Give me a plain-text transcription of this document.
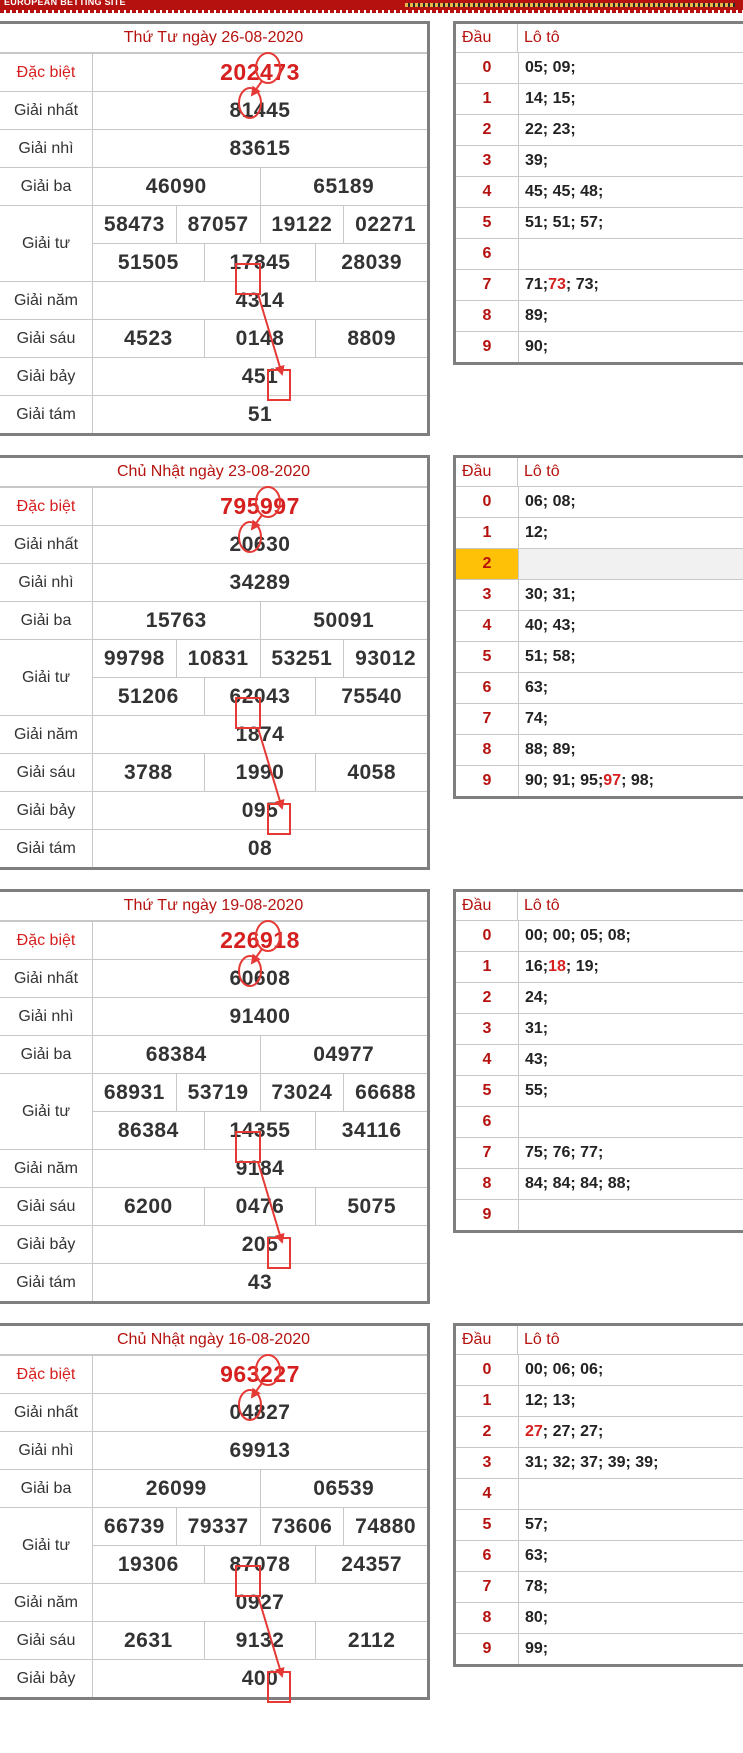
EUROPEAN BETTING SITE
Thứ Tư ngày 26-08-2020
Đặc biệt	202473
Giải nhất	81445
Giải nhì	83615
Giải ba	46090	65189
Giải tư
58473	87057	19122	02271
51505	17845	28039
Giải năm	4314
Giải sáu	4523	0148	8809
Giải bảy	451
Giải tám	51
Đầu	Lô tô
0	05; 09;
1	14; 15;
2	22; 23;
3	39;
4	45; 45; 48;
5	51; 51; 57;
6
7	71; 73 ; 73;
8	89;
9	90;
Chủ Nhật ngày 23-08-2020
Đặc biệt	795997
Giải nhất	20630
Giải nhì	34289
Giải ba	15763	50091
Giải tư
99798	10831	53251	93012
51206	62043	75540
Giải năm	1874
Giải sáu	3788	1990	4058
Giải bảy	095
Giải tám	08
Đầu	Lô tô
0	06; 08;
1	12;
2
3	30; 31;
4	40; 43;
5	51; 58;
6	63;
7	74;
8	88; 89;
9	90; 91; 95; 97 ; 98;
Thứ Tư ngày 19-08-2020
Đặc biệt	226918
Giải nhất	60608
Giải nhì	91400
Giải ba	68384	04977
Giải tư
68931	53719	73024	66688
86384	14355	34116
Giải năm	9184
Giải sáu	6200	0476	5075
Giải bảy	205
Giải tám	43
Đầu	Lô tô
0	00; 00; 05; 08;
1	16; 18 ; 19;
2	24;
3	31;
4	43;
5	55;
6
7	75; 76; 77;
8	84; 84; 84; 88;
9
Chủ Nhật ngày 16-08-2020
Đặc biệt	963227
Giải nhất	04827
Giải nhì	69913
Giải ba	26099	06539
Giải tư
66739	79337	73606	74880
19306	87078	24357
Giải năm	0927
Giải sáu	2631	9132	2112
Giải bảy	400
Đầu	Lô tô
0	00; 06; 06;
1	12; 13;
2	27 ; 27; 27;
3	31; 32; 37; 39; 39;
4
5	57;
6	63;
7	78;
8	80;
9	99;
